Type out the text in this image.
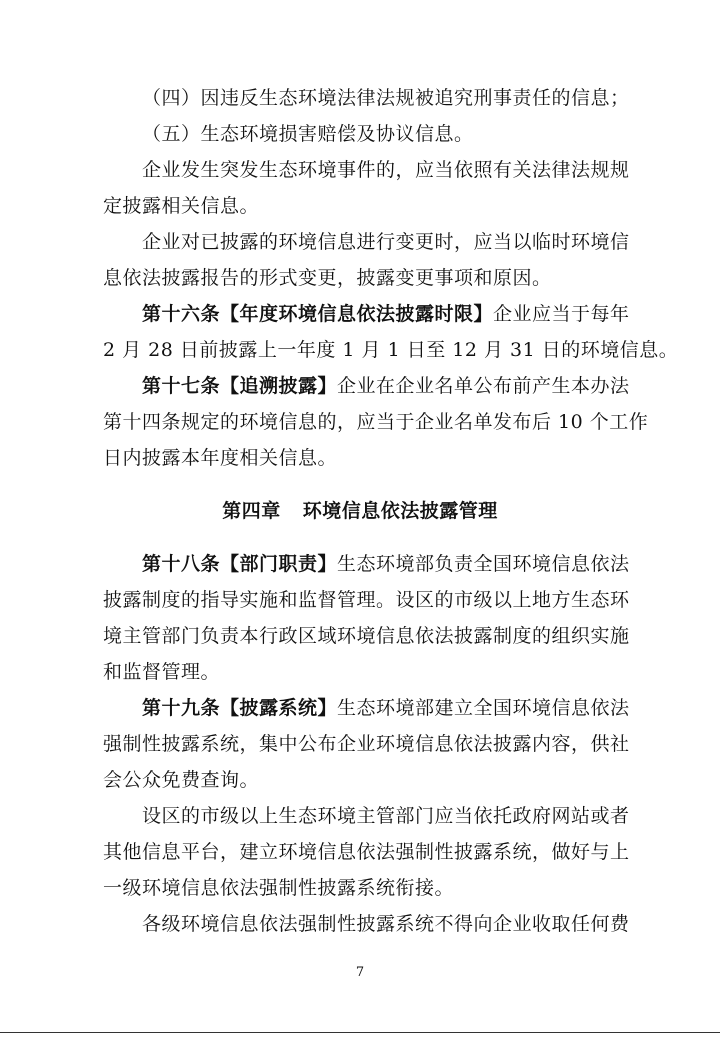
（四）因违反生态环境法律法规被追究刑事责任的信息；
（五）生态环境损害赔偿及协议信息。
企业发生突发生态环境事件的，应当依照有关法律法规规
定披露相关信息。
企业对已披露的环境信息进行变更时，应当以临时环境信
息依法披露报告的形式变更，披露变更事项和原因。
第十六条【年度环境信息依法披露时限】企业应当于每年
2 月 28 日前披露上一年度 1 月 1 日至 12 月 31 日的环境信息。
第十七条【追溯披露】企业在企业名单公布前产生本办法
第十四条规定的环境信息的，应当于企业名单发布后 10 个工作
日内披露本年度相关信息。
第四章 环境信息依法披露管理
第十八条【部门职责】生态环境部负责全国环境信息依法
披露制度的指导实施和监督管理。设区的市级以上地方生态环
境主管部门负责本行政区域环境信息依法披露制度的组织实施
和监督管理。
第十九条【披露系统】生态环境部建立全国环境信息依法
强制性披露系统，集中公布企业环境信息依法披露内容，供社
会公众免费查询。
设区的市级以上生态环境主管部门应当依托政府网站或者
其他信息平台，建立环境信息依法强制性披露系统，做好与上
一级环境信息依法强制性披露系统衔接。
各级环境信息依法强制性披露系统不得向企业收取任何费
7
